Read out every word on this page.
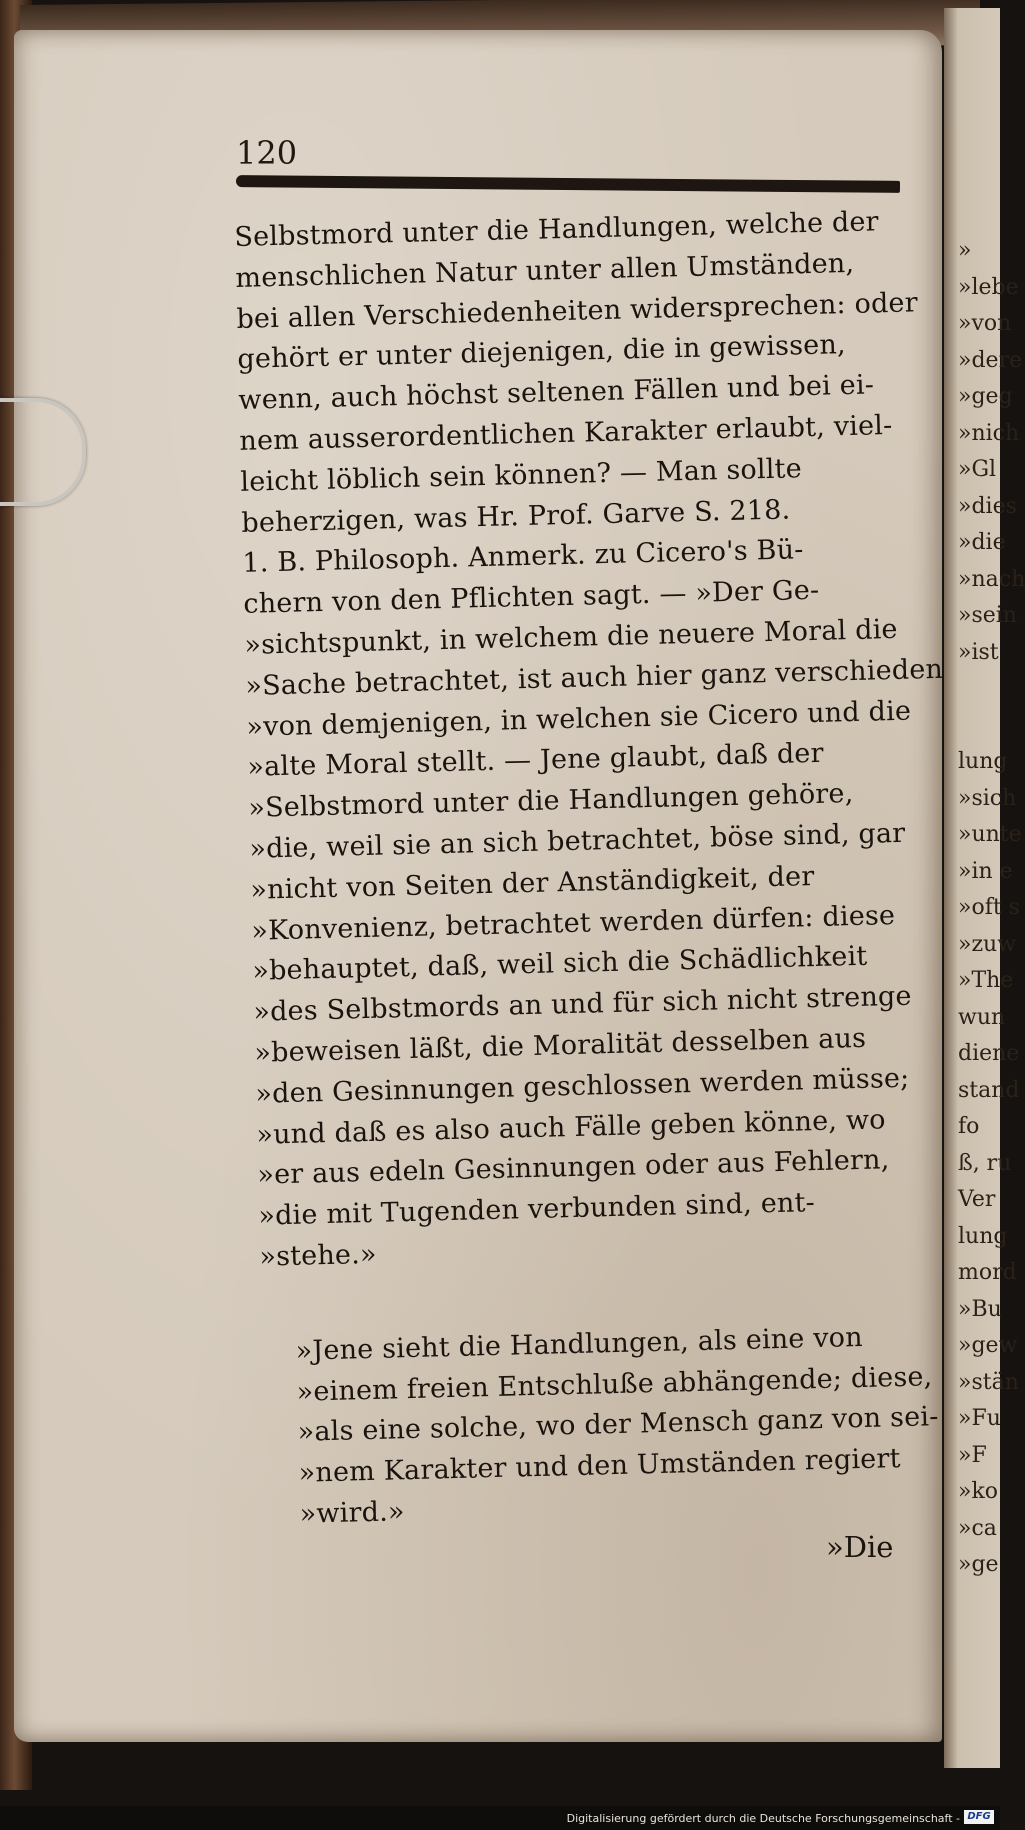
»
»lebe
»von
»dere
»geg
»nich
»Gl
»dies
»die
»nach
»sein
»ist
lung
»sich
»unte
»in e
»oft s
»zuw
»The
wun
diene
stand
fo
ß, ru
Ver
lung
mord
»Bu
»gew
»stän
»Fu
»F
»ko
»ca
»ge
120
Selbstmord unter die Handlungen, welche der
menschlichen Natur unter allen Umständen,
bei allen Verschiedenheiten widersprechen: oder
gehört er unter diejenigen, die in gewissen,
wenn, auch höchst seltenen Fällen und bei ei-
nem ausserordentlichen Karakter erlaubt, viel-
leicht löblich sein können? — Man sollte
beherzigen, was Hr. Prof. Garve S. 218.
1. B. Philosoph. Anmerk. zu Cicero's Bü-
chern von den Pflichten sagt. — »Der Ge-
»sichtspunkt, in welchem die neuere Moral die
»Sache betrachtet, ist auch hier ganz verschieden
»von demjenigen, in welchen sie Cicero und die
»alte Moral stellt. — Jene glaubt, daß der
»Selbstmord unter die Handlungen gehöre,
»die, weil sie an sich betrachtet, böse sind, gar
»nicht von Seiten der Anständigkeit, der
»Konvenienz, betrachtet werden dürfen: diese
»behauptet, daß, weil sich die Schädlichkeit
»des Selbstmords an und für sich nicht strenge
»beweisen läßt, die Moralität desselben aus
»den Gesinnungen geschlossen werden müsse;
»und daß es also auch Fälle geben könne, wo
»er aus edeln Gesinnungen oder aus Fehlern,
»die mit Tugenden verbunden sind, ent-
»stehe.»
»Jene sieht die Handlungen, als eine von
»einem freien Entschluße abhängende; diese,
»als eine solche, wo der Mensch ganz von sei-
»nem Karakter und den Umständen regiert
»wird.»
»Die
Digitalisierung gefördert durch die Deutsche Forschungsgemeinschaft - DFG
